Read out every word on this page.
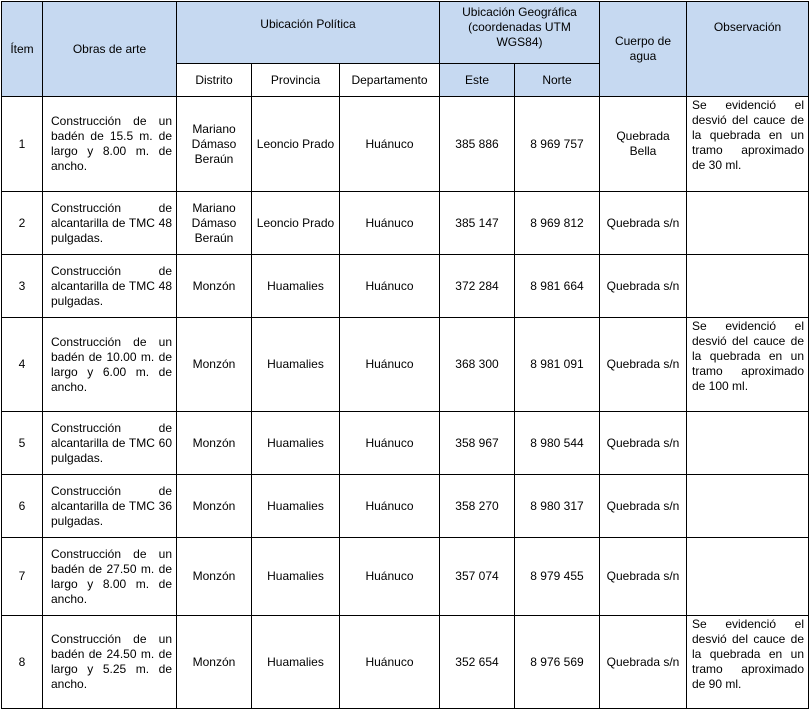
Ítem	Obras de arte	Ubicación Política			Ubicación Geográfica (coordenadas UTM WGS84)		Cuerpo de agua	Observación
		Distrito	Provincia	Departamento	Este	Norte		
1	Construcción de un badén de 15.5 m. de largo y 8.00 m. de ancho.	Mariano Dámaso Beraún	Leoncio Prado	Huánuco	385 886	8 969 757	Quebrada Bella	Se evidenció el desvió del cauce de la quebrada en un tramo aproximado de 30 ml.
2	Construcción de alcantarilla de TMC 48 pulgadas.	Mariano Dámaso Beraún	Leoncio Prado	Huánuco	385 147	8 969 812	Quebrada s/n	
3	Construcción de alcantarilla de TMC 48 pulgadas.	Monzón	Huamalies	Huánuco	372 284	8 981 664	Quebrada s/n	
4	Construcción de un badén de 10.00 m. de largo y 6.00 m. de ancho.	Monzón	Huamalies	Huánuco	368 300	8 981 091	Quebrada s/n	Se evidenció el desvió del cauce de la quebrada en un tramo aproximado de 100 ml.
5	Construcción de alcantarilla de TMC 60 pulgadas.	Monzón	Huamalies	Huánuco	358 967	8 980 544	Quebrada s/n	
6	Construcción de alcantarilla de TMC 36 pulgadas.	Monzón	Huamalies	Huánuco	358 270	8 980 317	Quebrada s/n	
7	Construcción de un badén de 27.50 m. de largo y 8.00 m. de ancho.	Monzón	Huamalies	Huánuco	357 074	8 979 455	Quebrada s/n	
8	Construcción de un badén de 24.50 m. de largo y 5.25 m. de ancho.	Monzón	Huamalies	Huánuco	352 654	8 976 569	Quebrada s/n	Se evidenció el desvió del cauce de la quebrada en un tramo aproximado de 90 ml.
